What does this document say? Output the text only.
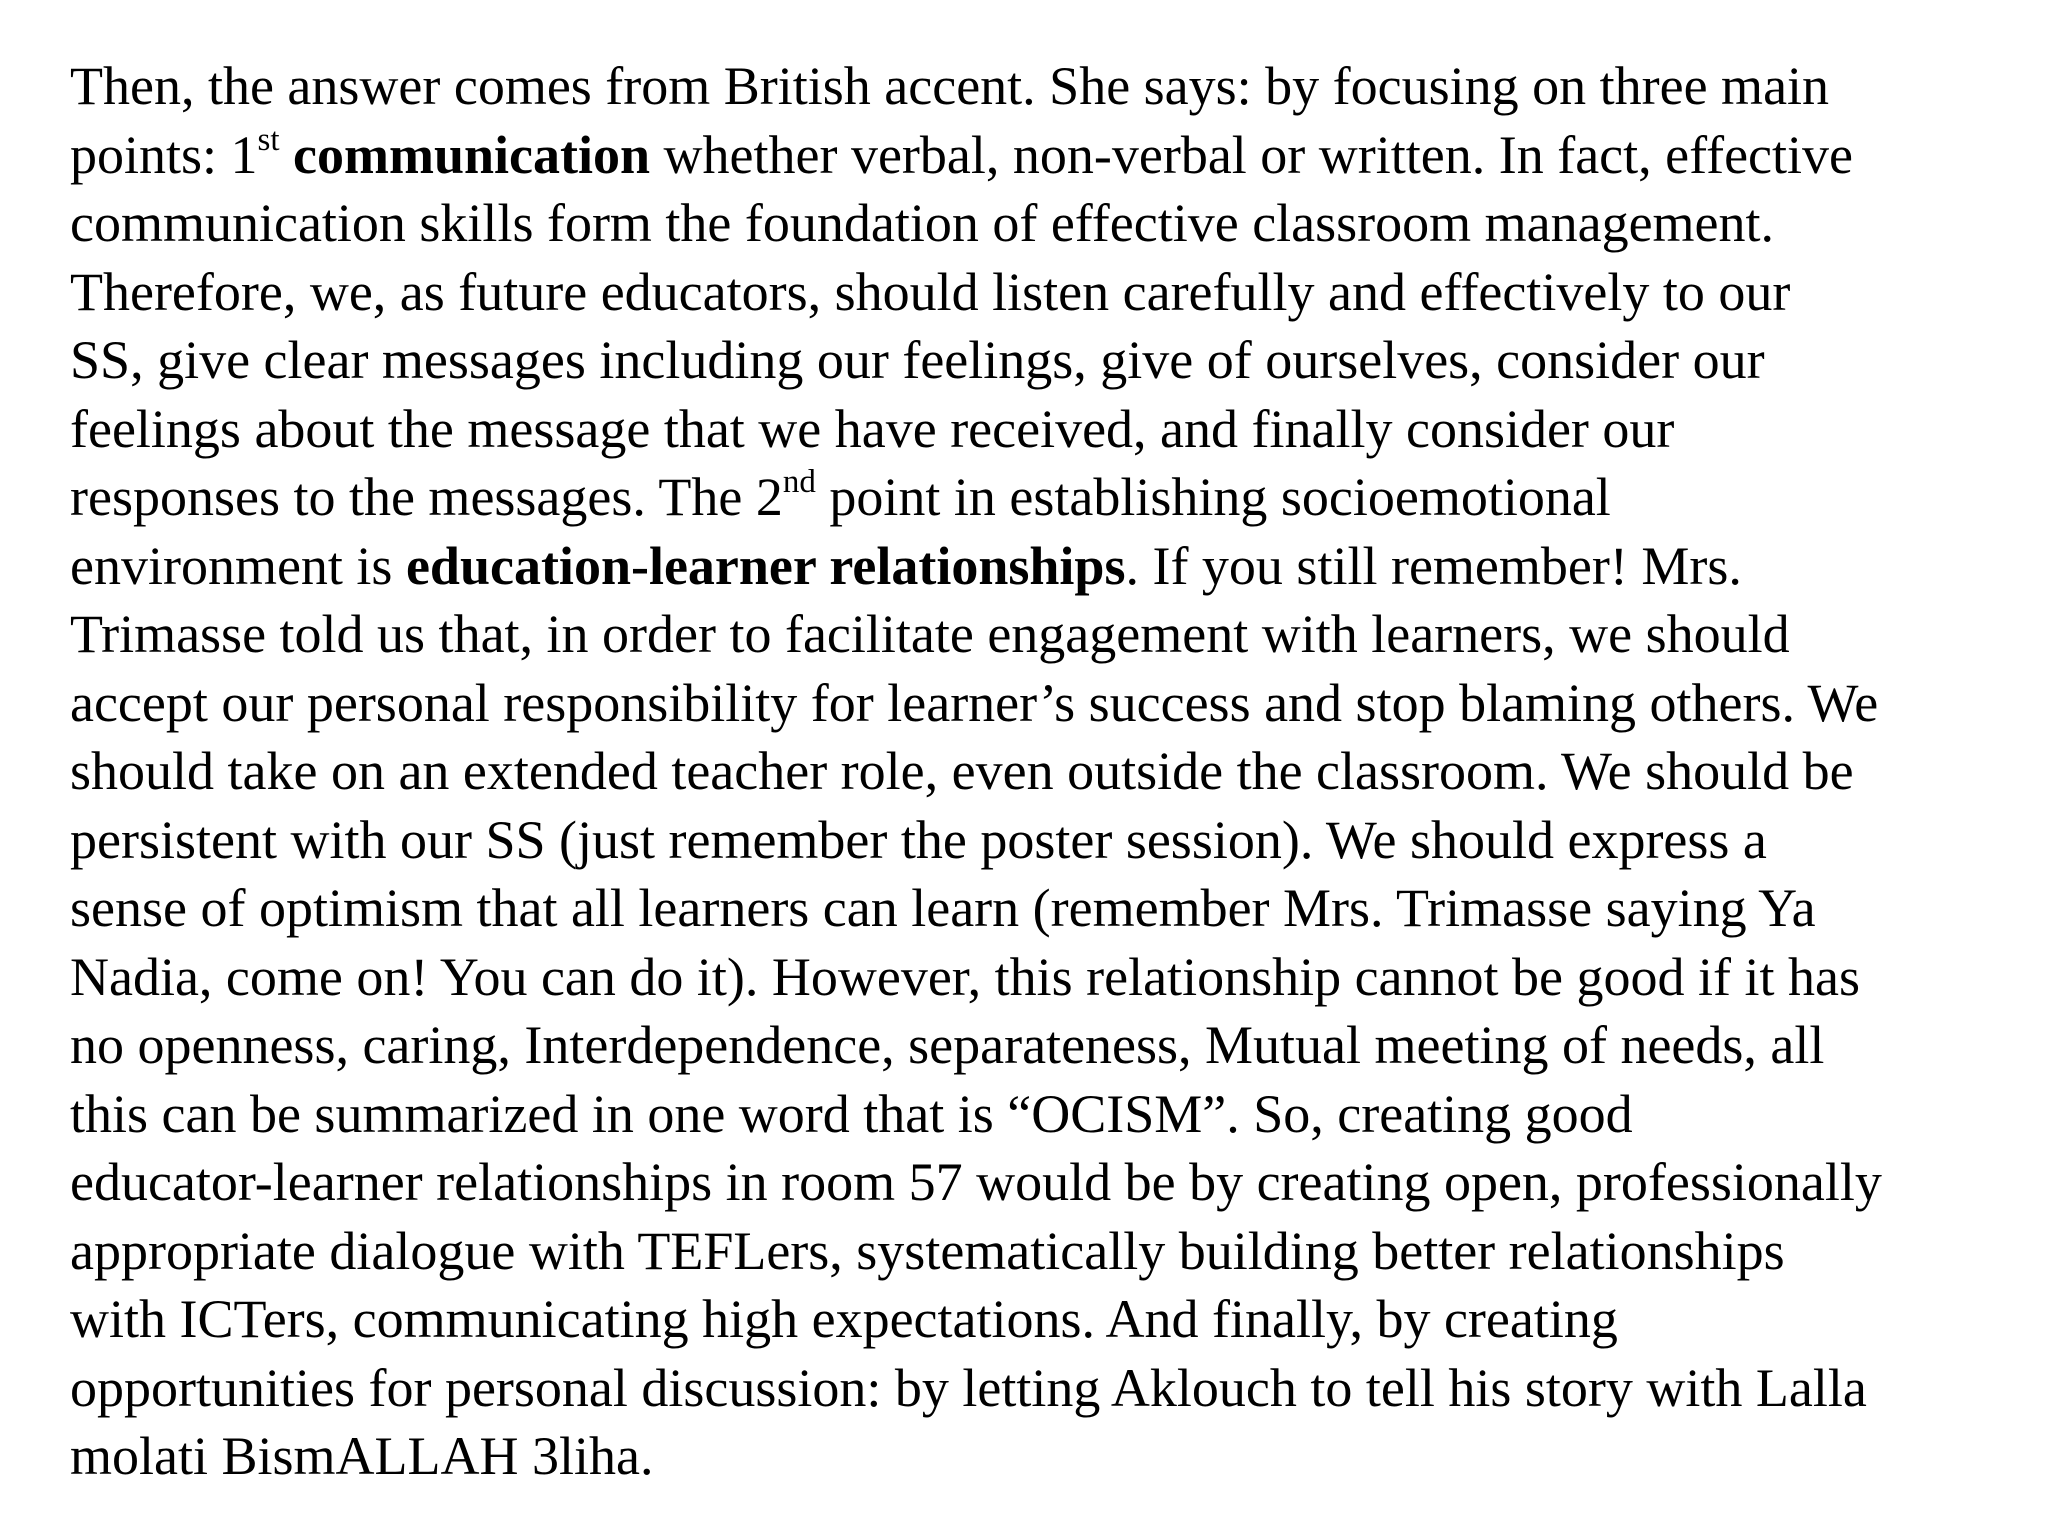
Then, the answer comes from British accent. She says: by focusing on three main
points: 1st communication whether verbal, non-verbal or written. In fact, effective
communication skills form the foundation of effective classroom management.
Therefore, we, as future educators, should listen carefully and effectively to our
SS, give clear messages including our feelings, give of ourselves, consider our
feelings about the message that we have received, and finally consider our
responses to the messages. The 2nd point in establishing socioemotional
environment is education-learner relationships. If you still remember! Mrs.
Trimasse told us that, in order to facilitate engagement with learners, we should
accept our personal responsibility for learner’s success and stop blaming others. We
should take on an extended teacher role, even outside the classroom. We should be
persistent with our SS (just remember the poster session). We should express a
sense of optimism that all learners can learn (remember Mrs. Trimasse saying Ya
Nadia, come on! You can do it). However, this relationship cannot be good if it has
no openness, caring, Interdependence, separateness, Mutual meeting of needs, all
this can be summarized in one word that is “OCISM”. So, creating good
educator-learner relationships in room 57 would be by creating open, professionally
appropriate dialogue with TEFLers, systematically building better relationships
with ICTers, communicating high expectations. And finally, by creating
opportunities for personal discussion: by letting Aklouch to tell his story with Lalla
molati BismALLAH 3liha.
